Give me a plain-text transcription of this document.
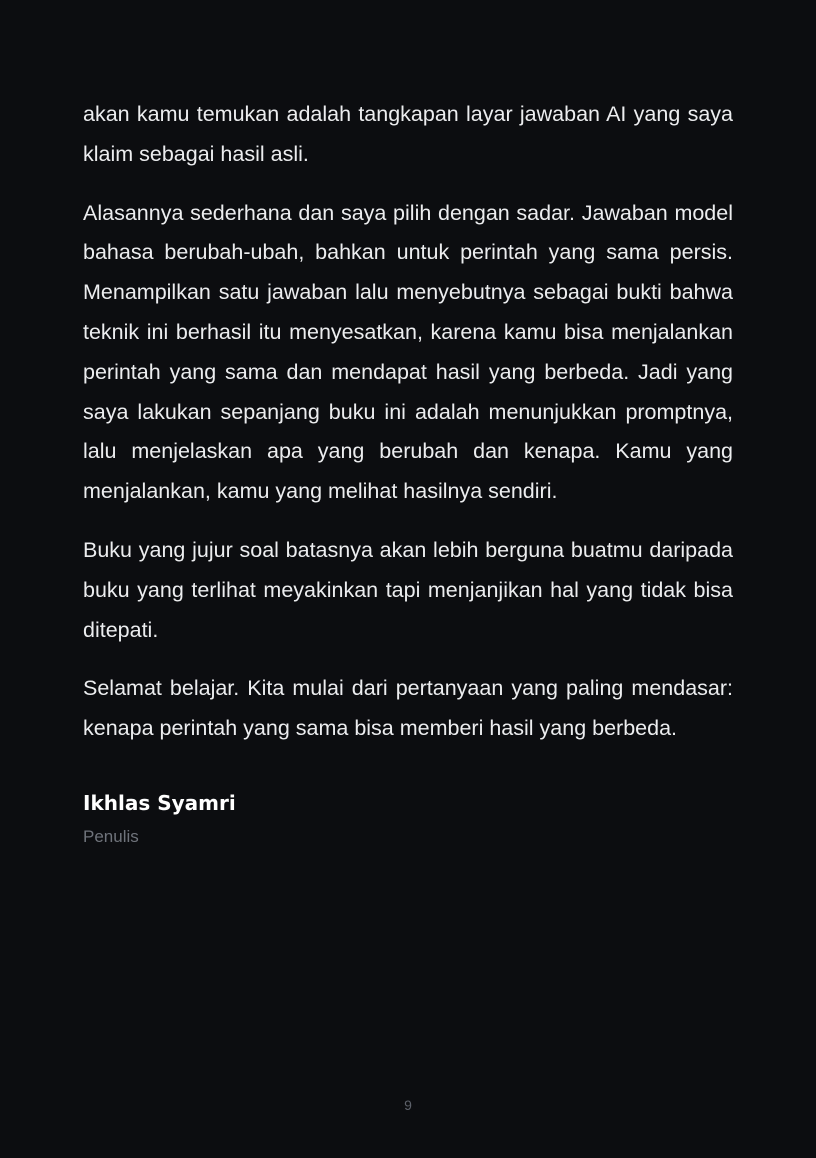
akan kamu temukan adalah tangkapan layar jawaban AI yang saya klaim sebagai hasil asli.

Alasannya sederhana dan saya pilih dengan sadar. Jawaban model bahasa berubah-ubah, bahkan untuk perintah yang sama persis. Menampilkan satu jawaban lalu menyebutnya sebagai bukti bahwa teknik ini berhasil itu menyesatkan, karena kamu bisa menjalankan perintah yang sama dan mendapat hasil yang berbeda. Jadi yang saya lakukan sepanjang buku ini adalah menunjukkan promptnya, lalu menjelaskan apa yang berubah dan kenapa. Kamu yang menjalankan, kamu yang melihat hasilnya sendiri.

Buku yang jujur soal batasnya akan lebih berguna buatmu daripada buku yang terlihat meyakinkan tapi menjanjikan hal yang tidak bisa ditepati.

Selamat belajar. Kita mulai dari pertanyaan yang paling mendasar: kenapa perintah yang sama bisa memberi hasil yang berbeda.

Ikhlas Syamri

Penulis

9
